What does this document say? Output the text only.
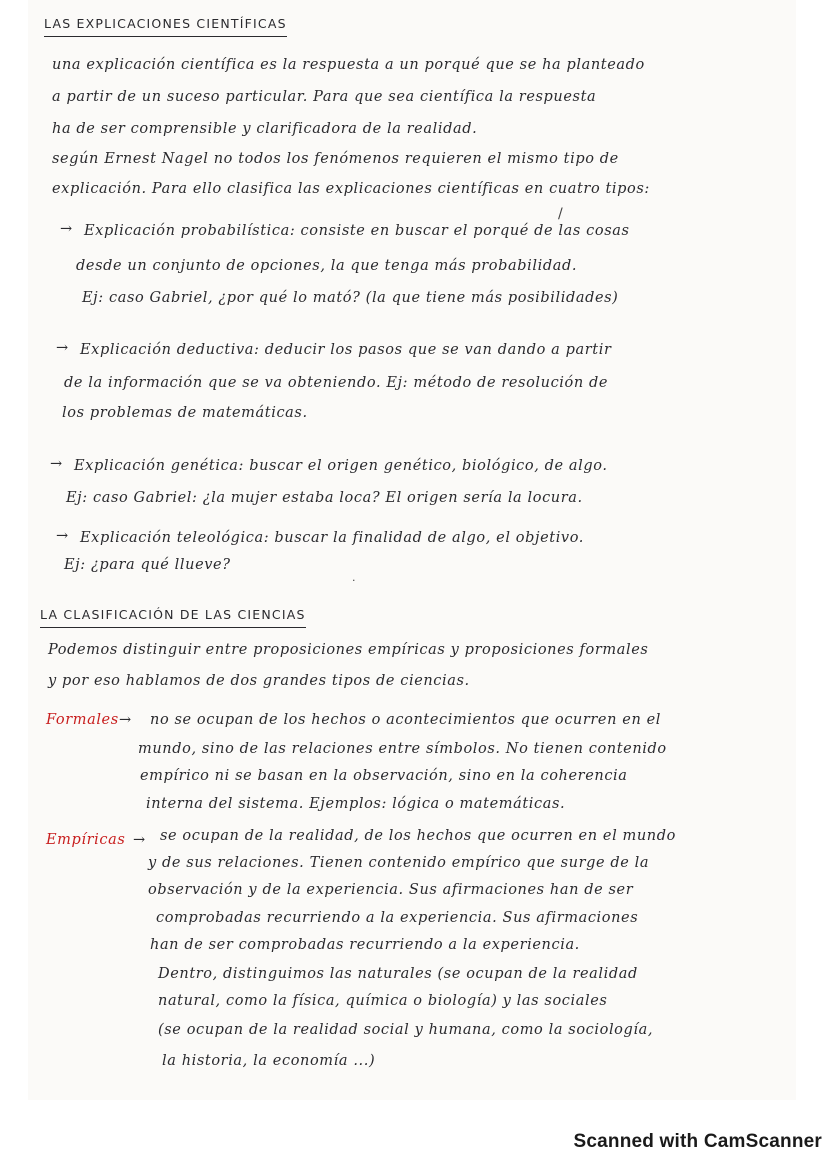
LAS EXPLICACIONES CIENTÍFICAS
una explicación científica es la respuesta a un porqué que se ha planteado
a partir de un suceso particular. Para que sea científica la respuesta
ha de ser comprensible y clarificadora de la realidad.
según Ernest Nagel no todos los fenómenos requieren el mismo tipo de
explicación. Para ello clasifica las explicaciones científicas en cuatro tipos:
/
→ Explicación probabilística: consiste en buscar el porqué de las cosas
desde un conjunto de opciones, la que tenga más probabilidad.
Ej: caso Gabriel, ¿por qué lo mató? (la que tiene más posibilidades)
→ Explicación deductiva: deducir los pasos que se van dando a partir
de la información que se va obteniendo. Ej: método de resolución de
los problemas de matemáticas.
→ Explicación genética: buscar el origen genético, biológico, de algo.
Ej: caso Gabriel: ¿la mujer estaba loca? El origen sería la locura.
→ Explicación teleológica: buscar la finalidad de algo, el objetivo.
Ej: ¿para qué llueve?
·
LA CLASIFICACIÓN DE LAS CIENCIAS
Podemos distinguir entre proposiciones empíricas y proposiciones formales
y por eso hablamos de dos grandes tipos de ciencias.
Formales → no se ocupan de los hechos o acontecimientos que ocurren en el
mundo, sino de las relaciones entre símbolos. No tienen contenido
empírico ni se basan en la observación, sino en la coherencia
interna del sistema. Ejemplos: lógica o matemáticas.
Empíricas → se ocupan de la realidad, de los hechos que ocurren en el mundo
y de sus relaciones. Tienen contenido empírico que surge de la
observación y de la experiencia. Sus afirmaciones han de ser
comprobadas recurriendo a la experiencia. Sus afirmaciones
han de ser comprobadas recurriendo a la experiencia.
Dentro, distinguimos las naturales (se ocupan de la realidad
natural, como la física, química o biología) y las sociales
(se ocupan de la realidad social y humana, como la sociología,
la historia, la economía ...)
Scanned with CamScanner
